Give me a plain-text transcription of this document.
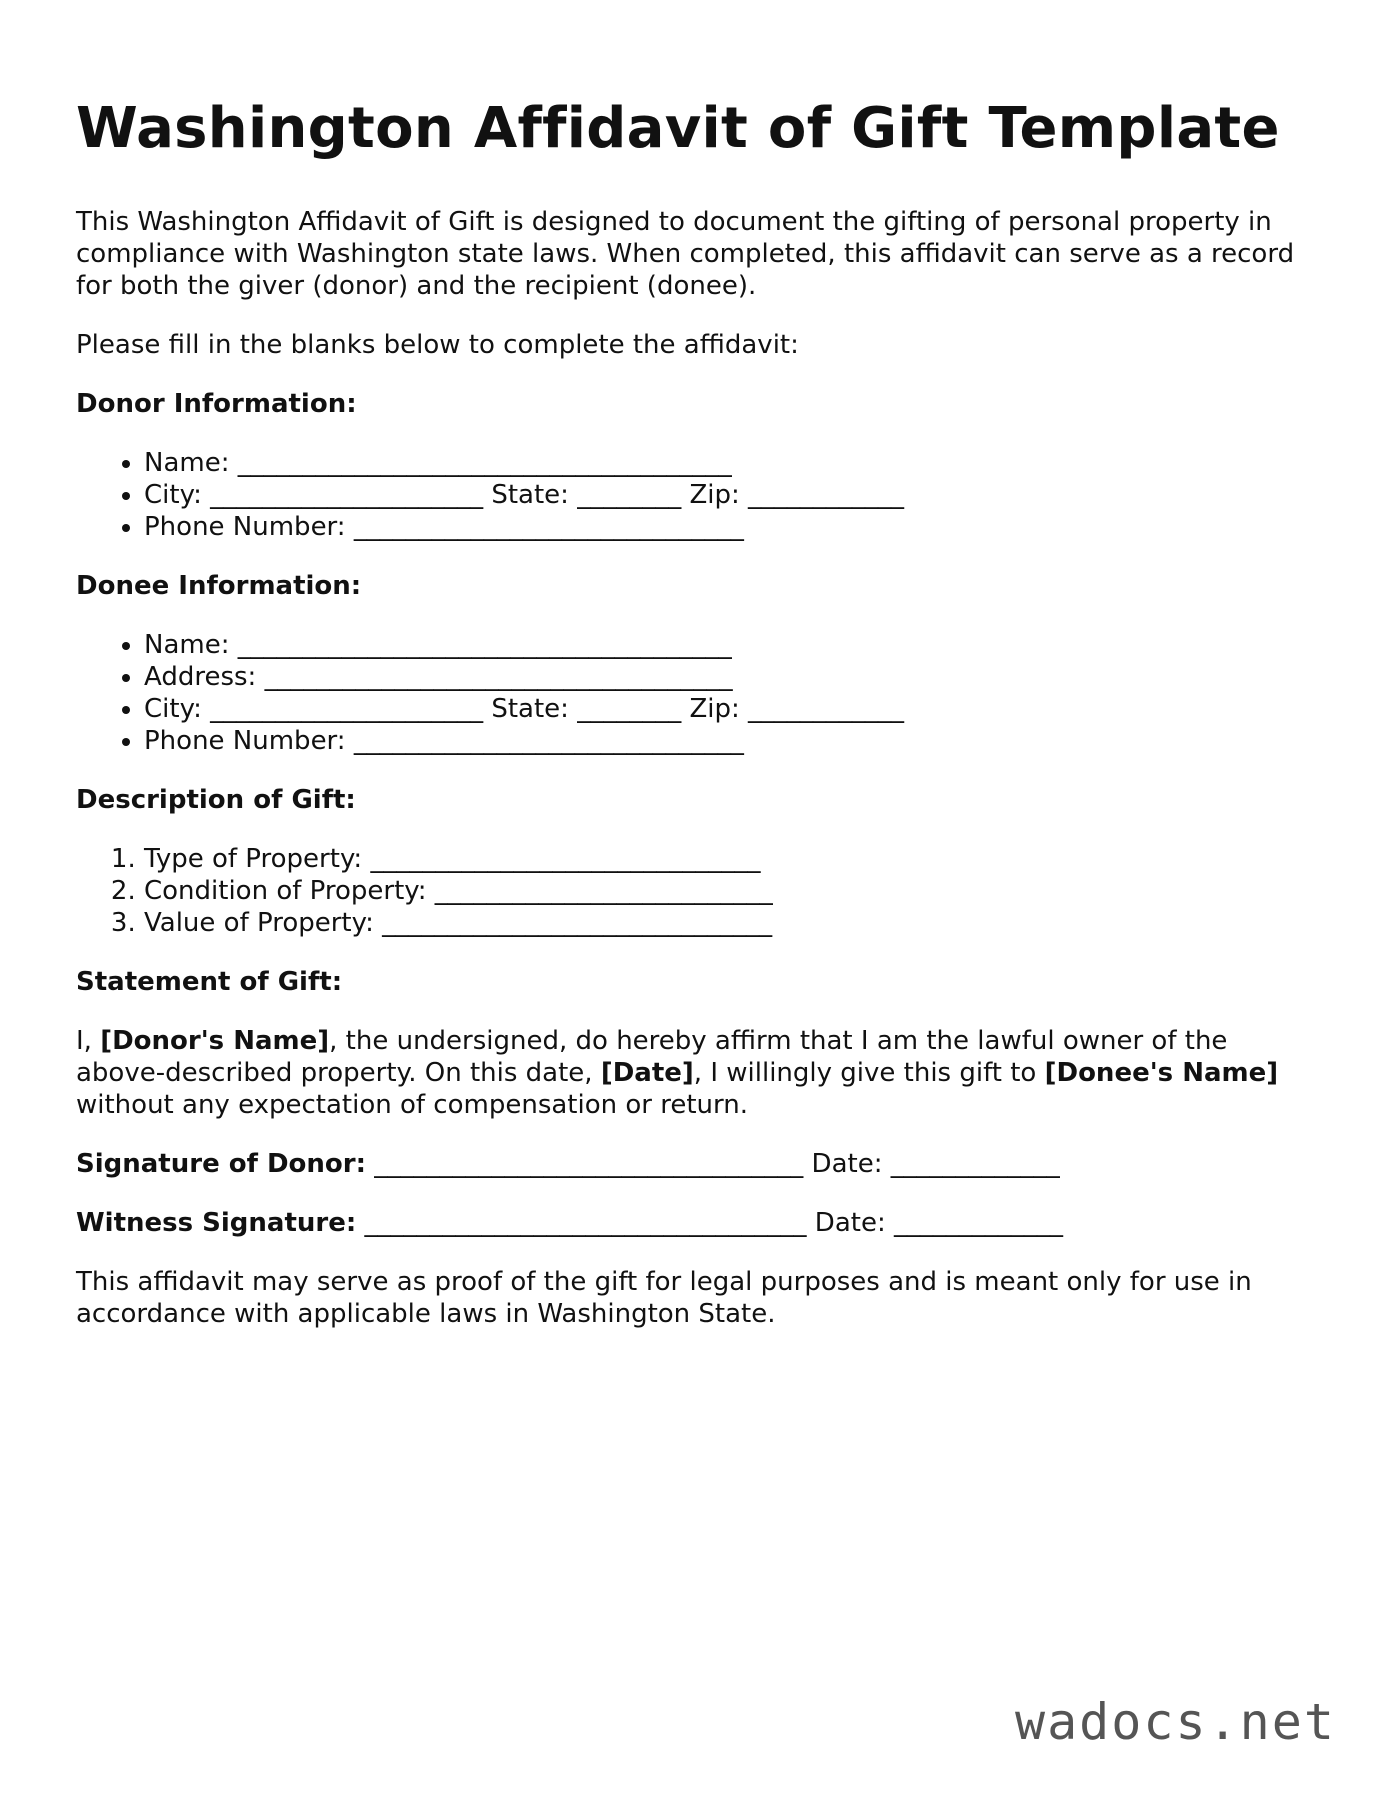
Washington Affidavit of Gift Template

This Washington Affidavit of Gift is designed to document the gifting of personal property in compliance with Washington state laws. When completed, this affidavit can serve as a record for both the giver (donor) and the recipient (donee).

Please fill in the blanks below to complete the affidavit:

Donor Information:
• Name: ______________________________________
• City: _____________________ State: ________ Zip: ____________
• Phone Number: ______________________________
Donee Information:
• Name: ______________________________________
• Address: ____________________________________
• City: _____________________ State: ________ Zip: ____________
• Phone Number: ______________________________
Description of Gift:
1. Type of Property: ______________________________
2. Condition of Property: __________________________
3. Value of Property: ______________________________
Statement of Gift:

I, [Donor's Name], the undersigned, do hereby affirm that I am the lawful owner of the above-described property. On this date, [Date], I willingly give this gift to [Donee's Name] without any expectation of compensation or return.

Signature of Donor: _________________________________ Date: _____________

Witness Signature: __________________________________ Date: _____________

This affidavit may serve as proof of the gift for legal purposes and is meant only for use in accordance with applicable laws in Washington State.

wadocs.net
